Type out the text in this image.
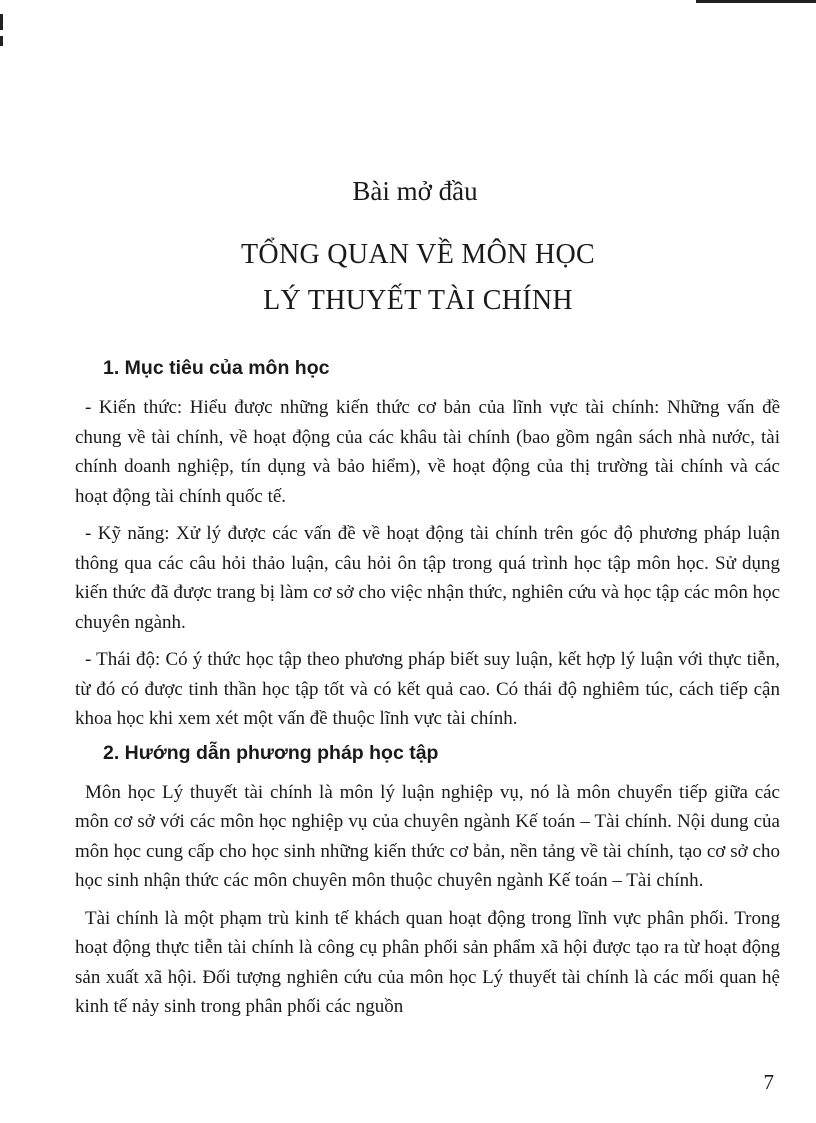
Bài mở đầu
TỔNG QUAN VỀ MÔN HỌC
LÝ THUYẾT TÀI CHÍNH
1. Mục tiêu của môn học

- Kiến thức: Hiểu được những kiến thức cơ bản của lĩnh vực tài chính: Những vấn đề chung về tài chính, về hoạt động của các khâu tài chính (bao gồm ngân sách nhà nước, tài chính doanh nghiệp, tín dụng và bảo hiểm), về hoạt động của thị trường tài chính và các hoạt động tài chính quốc tế.

- Kỹ năng: Xử lý được các vấn đề về hoạt động tài chính trên góc độ phương pháp luận thông qua các câu hỏi thảo luận, câu hỏi ôn tập trong quá trình học tập môn học. Sử dụng kiến thức đã được trang bị làm cơ sở cho việc nhận thức, nghiên cứu và học tập các môn học chuyên ngành.

- Thái độ: Có ý thức học tập theo phương pháp biết suy luận, kết hợp lý luận với thực tiễn, từ đó có được tinh thần học tập tốt và có kết quả cao. Có thái độ nghiêm túc, cách tiếp cận khoa học khi xem xét một vấn đề thuộc lĩnh vực tài chính.

2. Hướng dẫn phương pháp học tập

Môn học Lý thuyết tài chính là môn lý luận nghiệp vụ, nó là môn chuyển tiếp giữa các môn cơ sở với các môn học nghiệp vụ của chuyên ngành Kế toán – Tài chính. Nội dung của môn học cung cấp cho học sinh những kiến thức cơ bản, nền tảng về tài chính, tạo cơ sở cho học sinh nhận thức các môn chuyên môn thuộc chuyên ngành Kế toán – Tài chính.

Tài chính là một phạm trù kinh tế khách quan hoạt động trong lĩnh vực phân phối. Trong hoạt động thực tiễn tài chính là công cụ phân phối sản phẩm xã hội được tạo ra từ hoạt động sản xuất xã hội. Đối tượng nghiên cứu của môn học Lý thuyết tài chính là các mối quan hệ kinh tế nảy sinh trong phân phối các nguồn

7
